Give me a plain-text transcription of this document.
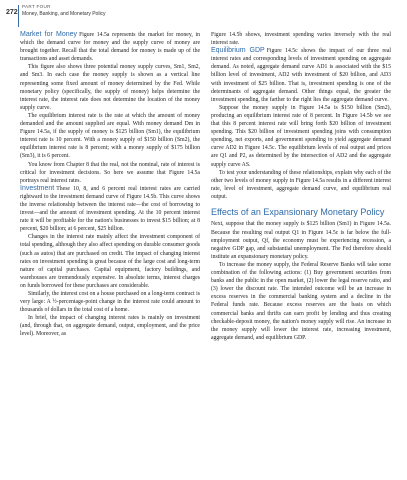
272
PART FOUR
Money, Banking, and Monetary Policy

Market for Money Figure 14.5a represents the market for money, in which the demand curve for money and the supply curve of money are brought together. Recall that the total demand for money is made up of the transactions and asset demands.

This figure also shows three potential money supply curves, Sm1, Sm2, and Sm3. In each case the money supply is shown as a vertical line representing some fixed amount of money determined by the Fed. While monetary policy (specifically, the supply of money) helps determine the interest rate, the interest rate does not determine the location of the money supply curve.

The equilibrium interest rate is the rate at which the amount of money demanded and the amount supplied are equal. With money demand Dm in Figure 14.5a, if the supply of money is $125 billion (Sm1), the equilibrium interest rate is 10 percent. With a money supply of $150 billion (Sm2), the equilibrium interest rate is 8 percent; with a money supply of $175 billion (Sm3), it is 6 percent.

You know from Chapter 8 that the real, not the nominal, rate of interest is critical for investment decisions. So here we assume that Figure 14.5a portrays real interest rates.

Investment These 10, 8, and 6 percent real interest rates are carried rightward to the investment demand curve of Figure 14.5b. This curve shows the inverse relationship between the interest rate—the cost of borrowing to invest—and the amount of investment spending. At the 10 percent interest rate it will be profitable for the nation's businesses to invest $15 billion; at 8 percent, $20 billion; at 6 percent, $25 billion.

Changes in the interest rate mainly affect the investment component of total spending, although they also affect spending on durable consumer goods (such as autos) that are purchased on credit. The impact of changing interest rates on investment spending is great because of the large cost and long-term nature of capital purchases. Capital equipment, factory buildings, and warehouses are tremendously expensive. In absolute terms, interest charges on funds borrowed for these purchases are considerable.

Similarly, the interest cost on a house purchased on a long-term contract is very large: A ½-percentage-point change in the interest rate could amount to thousands of dollars in the total cost of a home.

In brief, the impact of changing interest rates is mainly on investment (and, through that, on aggregate demand, output, employment, and the price level). Moreover, as

Figure 14.5b shows, investment spending varies inversely with the real interest rate.

Equilibrium GDP Figure 14.5c shows the impact of our three real interest rates and corresponding levels of investment spending on aggregate demand. As noted, aggregate demand curve AD1 is associated with the $15 billion level of investment, AD2 with investment of $20 billion, and AD3 with investment of $25 billion. That is, investment spending is one of the determinants of aggregate demand. Other things equal, the greater the investment spending, the farther to the right lies the aggregate demand curve.

Suppose the money supply in Figure 14.5a is $150 billion (Sm2), producing an equilibrium interest rate of 8 percent. In Figure 14.5b we see that this 8 percent interest rate will bring forth $20 billion of investment spending. This $20 billion of investment spending joins with consumption spending, net exports, and government spending to yield aggregate demand curve AD2 in Figure 14.5c. The equilibrium levels of real output and prices are Q1 and P2, as determined by the intersection of AD2 and the aggregate supply curve AS.

To test your understanding of these relationships, explain why each of the other two levels of money supply in Figure 14.5a results in a different interest rate, level of investment, aggregate demand curve, and equilibrium real output.

Effects of an Expansionary Monetary Policy

Next, suppose that the money supply is $125 billion (Sm1) in Figure 14.5a. Because the resulting real output Q1 in Figure 14.5c is far below the full-employment output, Qf, the economy must be experiencing recession, a negative GDP gap, and substantial unemployment. The Fed therefore should institute an expansionary monetary policy.

To increase the money supply, the Federal Reserve Banks will take some combination of the following actions: (1) Buy government securities from banks and the public in the open market, (2) lower the legal reserve ratio, and (3) lower the discount rate. The intended outcome will be an increase in excess reserves in the commercial banking system and a decline in the Federal funds rate. Because excess reserves are the basis on which commercial banks and thrifts can earn profit by lending and thus creating checkable-deposit money, the nation's money supply will rise. An increase in the money supply will lower the interest rate, increasing investment, aggregate demand, and equilibrium GDP.
